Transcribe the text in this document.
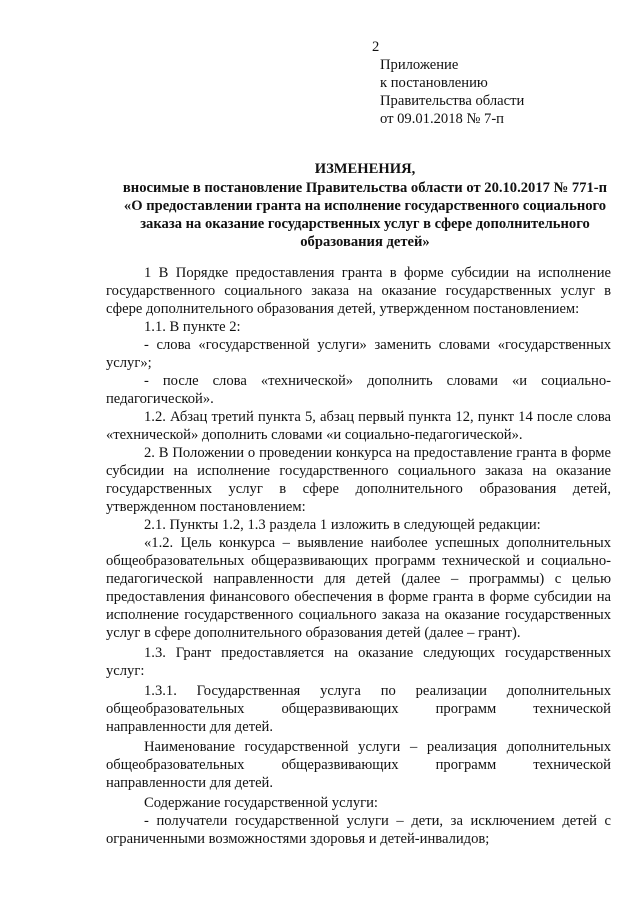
2
Приложение
к постановлению
Правительства области
от 09.01.2018 № 7-п
ИЗМЕНЕНИЯ,
вносимые в постановление Правительства области от 20.10.2017 № 771-п
«О предоставлении гранта на исполнение государственного социального
заказа на оказание государственных услуг в сфере дополнительного
образования детей»

1 В Порядке предоставления гранта в форме субсидии на исполнение государственного социального заказа на оказание государственных услуг в сфере дополнительного образования детей, утвержденном постановлением:

1.1. В пункте 2:

- слова «государственной услуги» заменить словами «государственных услуг»;

- после слова «технической» дополнить словами «и социально-педагогической».

1.2. Абзац третий пункта 5, абзац первый пункта 12, пункт 14 после слова «технической» дополнить словами «и социально-педагогической».

2. В Положении о проведении конкурса на предоставление гранта в форме субсидии на исполнение государственного социального заказа на оказание государственных услуг в сфере дополнительного образования детей, утвержденном постановлением:

2.1. Пункты 1.2, 1.3 раздела 1 изложить в следующей редакции:

«1.2. Цель конкурса – выявление наиболее успешных дополнительных общеобразовательных общеразвивающих программ технической и социально-педагогической направленности для детей (далее – программы) с целью предоставления финансового обеспечения в форме гранта в форме субсидии на исполнение государственного социального заказа на оказание государственных услуг в сфере дополнительного образования детей (далее – грант).

1.3. Грант предоставляется на оказание следующих государственных услуг:

1.3.1. Государственная услуга по реализации дополнительных общеобразовательных общеразвивающих программ технической направленности для детей.

Наименование государственной услуги – реализация дополнительных общеобразовательных общеразвивающих программ технической направленности для детей.

Содержание государственной услуги:

- получатели государственной услуги – дети, за исключением детей с ограниченными возможностями здоровья и детей-инвалидов;
